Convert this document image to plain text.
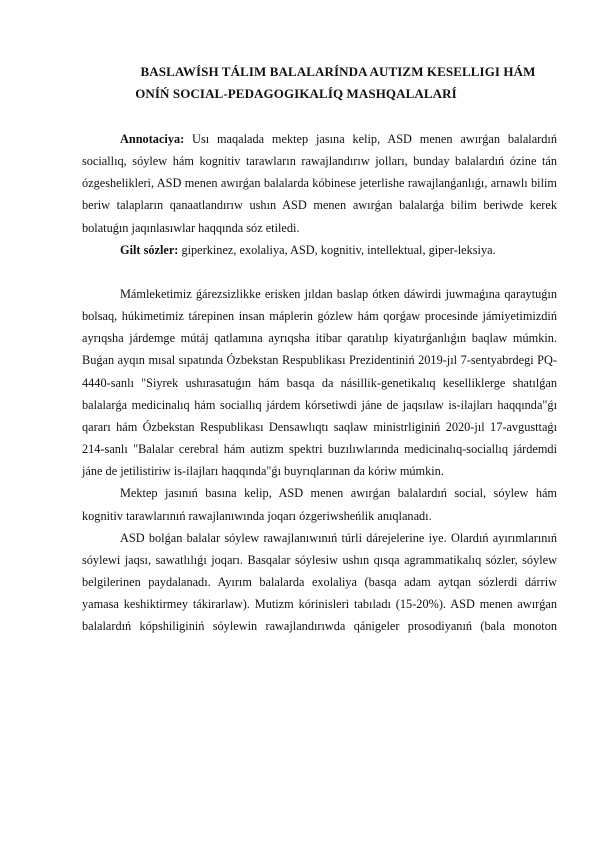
BASLAWÍSH TÁLIM BALALARÍNDA AUTIZM KESELLIGI HÁM
ONÍŃ SOCIAL-PEDAGOGIKALÍQ MASHQALALARÍ

Annotaciya: Usı maqalada mektep jasına kelip, ASD menen awırǵan balalardıń sociallıq, sóylew hám kognitiv tarawların rawajlandırıw jolları, bunday balalardıń ózine tán ózgeshelikleri, ASD menen awırǵan balalarda kóbinese jeterlishe rawajlanǵanlıǵı, arnawlı bilim beriw talapların qanaatlandırıw ushın ASD menen awırǵan balalarǵa bilim beriwde kerek bolatuǵın jaqınlasıwlar haqqında sóz etiledi.

Gilt sózler: giperkinez, exolaliya, ASD, kognitiv, intellektual, giper-leksiya.

Mámleketimiz ǵárezsizlikke erisken jıldan baslap ótken dáwirdi juwmaǵına qaraytuǵın bolsaq, húkimetimiz tárepinen insan máplerin gózlew hám qorǵaw procesinde jámiyetimizdiń ayrıqsha járdemge mútáj qatlamına ayrıqsha itibar qaratılıp kiyatırǵanlıǵın baqlaw múmkin. Buǵan ayqın mısal sıpatında Ózbekstan Respublikası Prezidentiniń 2019-jıl 7-sentyabrdegi PQ-4440-sanlı "Siyrek ushırasatuǵın hám basqa da násillik-genetikalıq keselliklerge shatılǵan balalarǵa medicinalıq hám sociallıq járdem kórsetiwdi jáne de jaqsılaw is-ilajları haqqında"ǵı qararı hám Ózbekstan Respublikası Densawlıqtı saqlaw ministrliginiń 2020-jıl 17-avgusttaǵı 214-sanlı "Balalar cerebral hám autizm spektri buzılıwlarında medicinalıq-sociallıq járdemdi jáne de jetilistiriw is-ilajları haqqında"ǵı buyrıqlarınan da kóriw múmkin.

Mektep jasınıń basına kelip, ASD menen awırǵan balalardıń social, sóylew hám kognitiv tarawlarınıń rawajlanıwında joqarı ózgeriwsheńlik anıqlanadı.

ASD bolǵan balalar sóylew rawajlanıwınıń túrli dárejelerine iye. Olardıń ayırımlarınıń sóylewi jaqsı, sawatlılıǵı joqarı. Basqalar sóylesiw ushın qısqa agrammatikalıq sózler, sóylew belgilerinen paydalanadı. Ayırım balalarda exolaliya (basqa adam aytqan sózlerdi dárriw yamasa keshiktirmey tákirarlaw). Mutizm kórinisleri tabıladı (15-20%). ASD menen awırǵan balalardıń kópshiliginiń sóylewin rawajlandırıwda qánigeler prosodiyanıń (bala monoton
